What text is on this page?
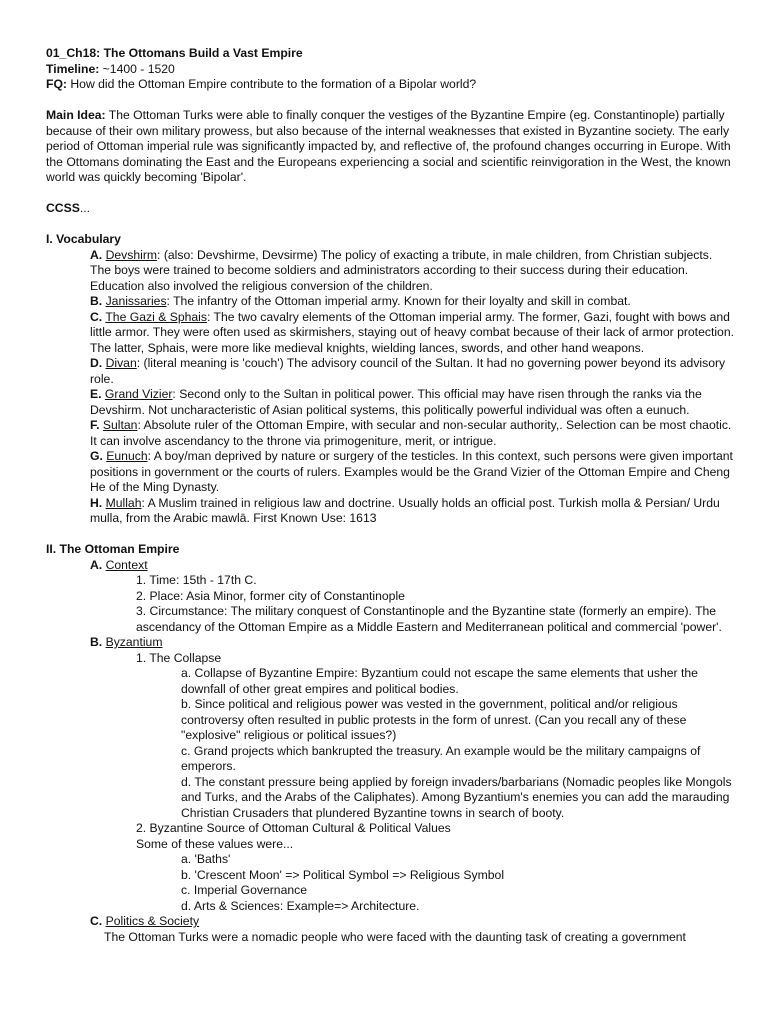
01_Ch18: The Ottomans Build a Vast Empire

Timeline: ~1400 - 1520

FQ: How did the Ottoman Empire contribute to the formation of a Bipolar world?

Main Idea: The Ottoman Turks were able to finally conquer the vestiges of the Byzantine Empire (eg. Constantinople) partially because of their own military prowess, but also because of the internal weaknesses that existed in Byzantine society. The early period of Ottoman imperial rule was significantly impacted by, and reflective of, the profound changes occurring in Europe. With the Ottomans dominating the East and the Europeans experiencing a social and scientific reinvigoration in the West, the known world was quickly becoming 'Bipolar'.

CCSS...

I. Vocabulary

A. Devshirm: (also: Devshirme, Devsirme) The policy of exacting a tribute, in male children, from Christian subjects. The boys were trained to become soldiers and administrators according to their success during their education. Education also involved the religious conversion of the children.

B. Janissaries: The infantry of the Ottoman imperial army. Known for their loyalty and skill in combat.

C. The Gazi & Sphais: The two cavalry elements of the Ottoman imperial army. The former, Gazi, fought with bows and little armor. They were often used as skirmishers, staying out of heavy combat because of their lack of armor protection. The latter, Sphais, were more like medieval knights, wielding lances, swords, and other hand weapons.

D. Divan: (literal meaning is 'couch') The advisory council of the Sultan. It had no governing power beyond its advisory role.

E. Grand Vizier: Second only to the Sultan in political power. This official may have risen through the ranks via the Devshirm. Not uncharacteristic of Asian political systems, this politically powerful individual was often a eunuch.

F. Sultan: Absolute ruler of the Ottoman Empire, with secular and non-secular authority,. Selection can be most chaotic. It can involve ascendancy to the throne via primogeniture, merit, or intrigue.

G. Eunuch: A boy/man deprived by nature or surgery of the testicles. In this context, such persons were given important positions in government or the courts of rulers. Examples would be the Grand Vizier of the Ottoman Empire and Cheng He of the Ming Dynasty.

H. Mullah: A Muslim trained in religious law and doctrine. Usually holds an official post. Turkish molla & Persian/ Urdu mulla, from the Arabic mawlā. First Known Use: 1613

II. The Ottoman Empire

A. Context

1. Time: 15th - 17th C.

2. Place: Asia Minor, former city of Constantinople

3. Circumstance: The military conquest of Constantinople and the Byzantine state (formerly an empire). The ascendancy of the Ottoman Empire as a Middle Eastern and Mediterranean political and commercial 'power'.

B. Byzantium

1. The Collapse

a. Collapse of Byzantine Empire: Byzantium could not escape the same elements that usher the downfall of other great empires and political bodies.

b. Since political and religious power was vested in the government, political and/or religious controversy often resulted in public protests in the form of unrest. (Can you recall any of these "explosive" religious or political issues?)

c. Grand projects which bankrupted the treasury. An example would be the military campaigns of emperors.

d. The constant pressure being applied by foreign invaders/barbarians (Nomadic peoples like Mongols and Turks, and the Arabs of the Caliphates). Among Byzantium's enemies you can add the marauding Christian Crusaders that plundered Byzantine towns in search of booty.

2. Byzantine Source of Ottoman Cultural & Political Values

Some of these values were...

a. 'Baths'

b. 'Crescent Moon' => Political Symbol => Religious Symbol

c. Imperial Governance

d. Arts & Sciences: Example=> Architecture.

C. Politics & Society

The Ottoman Turks were a nomadic people who were faced with the daunting task of creating a government
